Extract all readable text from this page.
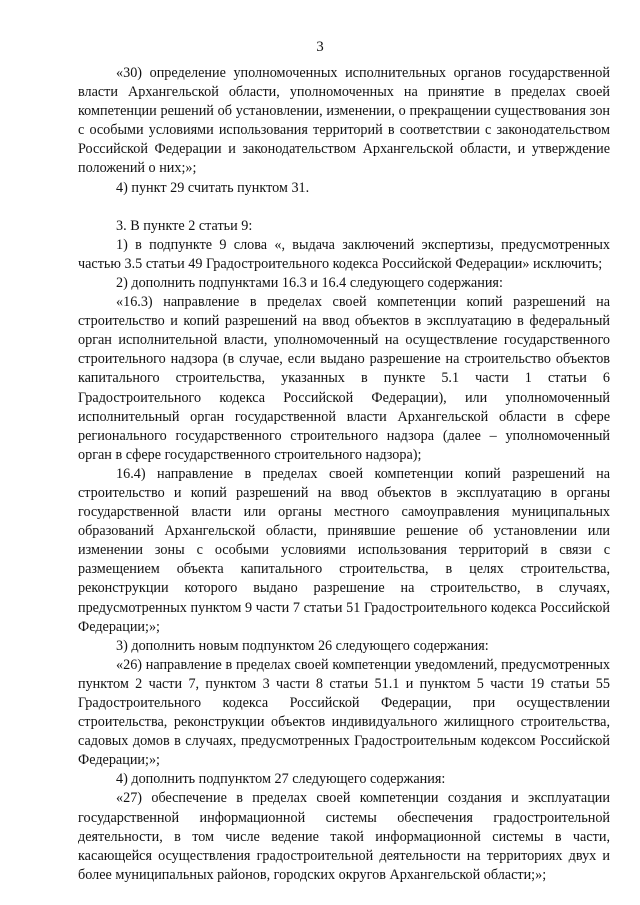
3

«30) определение уполномоченных исполнительных органов государственной власти Архангельской области, уполномоченных на принятие в пределах своей компетенции решений об установлении, изменении, о прекращении существования зон с особыми условиями использования территорий в соответствии с законодательством Российской Федерации и законодательством Архангельской области, и утверждение положений о них;»;

4) пункт 29 считать пунктом 31.

3. В пункте 2 статьи 9:

1) в подпункте 9 слова «, выдача заключений экспертизы, предусмотренных частью 3.5 статьи 49 Градостроительного кодекса Российской Федерации» исключить;

2) дополнить подпунктами 16.3 и 16.4 следующего содержания:

«16.3) направление в пределах своей компетенции копий разрешений на строительство и копий разрешений на ввод объектов в эксплуатацию в федеральный орган исполнительной власти, уполномоченный на осуществление государственного строительного надзора (в случае, если выдано разрешение на строительство объектов капитального строительства, указанных в пункте 5.1 части 1 статьи 6 Градостроительного кодекса Российской Федерации), или уполномоченный исполнительный орган государственной власти Архангельской области в сфере регионального государственного строительного надзора (далее – уполномоченный орган в сфере государственного строительного надзора);

16.4) направление в пределах своей компетенции копий разрешений на строительство и копий разрешений на ввод объектов в эксплуатацию в органы государственной власти или органы местного самоуправления муниципальных образований Архангельской области, принявшие решение об установлении или изменении зоны с особыми условиями использования территорий в связи с размещением объекта капитального строительства, в целях строительства, реконструкции которого выдано разрешение на строительство, в случаях, предусмотренных пунктом 9 части 7 статьи 51 Градостроительного кодекса Российской Федерации;»;

3) дополнить новым подпунктом 26 следующего содержания:

«26) направление в пределах своей компетенции уведомлений, предусмотренных пунктом 2 части 7, пунктом 3 части 8 статьи 51.1 и пунктом 5 части 19 статьи 55 Градостроительного кодекса Российской Федерации, при осуществлении строительства, реконструкции объектов индивидуального жилищного строительства, садовых домов в случаях, предусмотренных Градостроительным кодексом Российской Федерации;»;

4) дополнить подпунктом 27 следующего содержания:

«27) обеспечение в пределах своей компетенции создания и эксплуатации государственной информационной системы обеспечения градостроительной деятельности, в том числе ведение такой информационной системы в части, касающейся осуществления градостроительной деятельности на территориях двух и более муниципальных районов, городских округов Архангельской области;»;
